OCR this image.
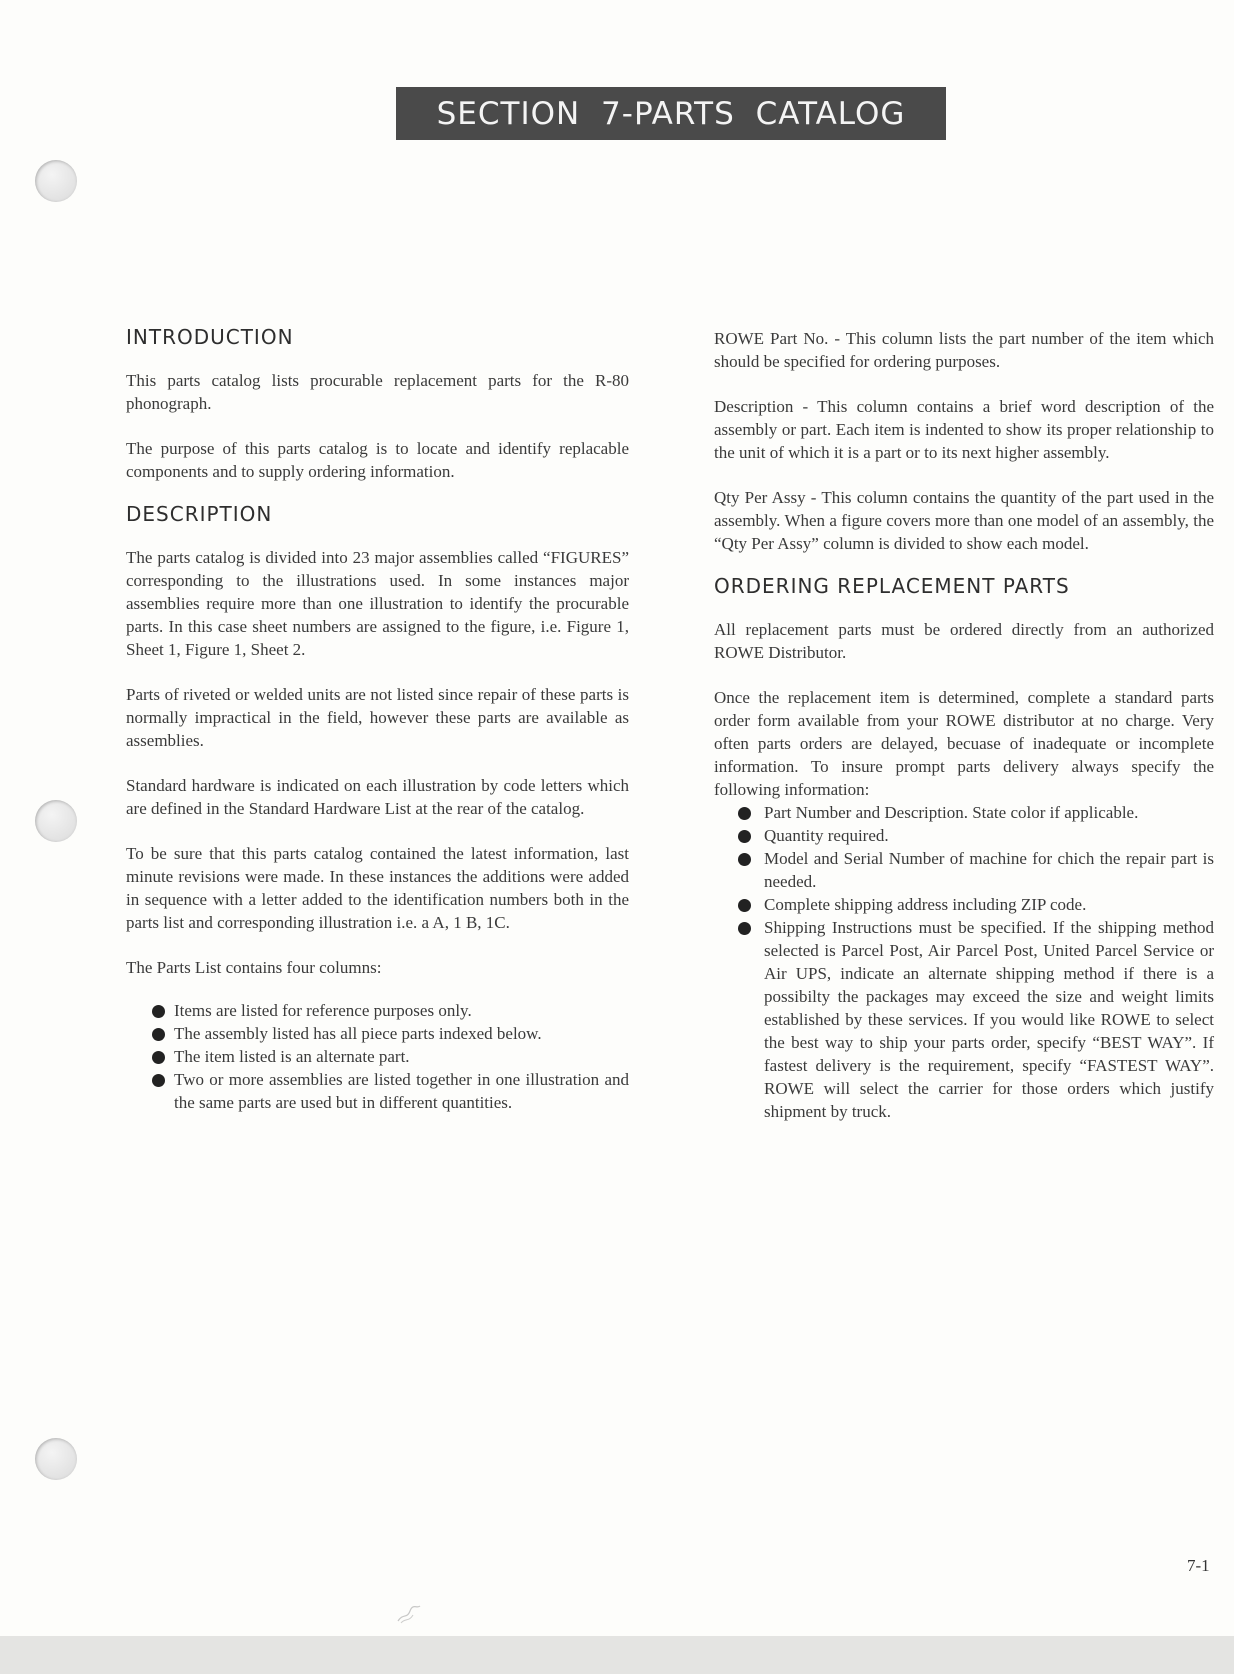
SECTION 7-PARTS CATALOG
INTRODUCTION

This parts catalog lists procurable replacement parts for the R-80 phonograph.

The purpose of this parts catalog is to locate and identify replacable components and to supply ordering information.

DESCRIPTION

The parts catalog is divided into 23 major assemblies called “FIGURES” corresponding to the illustrations used. In some instances major assemblies require more than one illustration to identify the procurable parts. In this case sheet numbers are assigned to the figure, i.e. Figure 1, Sheet 1, Figure 1, Sheet 2.

Parts of riveted or welded units are not listed since repair of these parts is normally impractical in the field, however these parts are available as assemblies.

Standard hardware is indicated on each illustration by code letters which are defined in the Standard Hardware List at the rear of the catalog.

To be sure that this parts catalog contained the latest information, last minute revisions were made. In these instances the additions were added in sequence with a letter added to the identification numbers both in the parts list and corresponding illustration i.e. a A, 1 B, 1C.

The Parts List contains four columns:

Items are listed for reference purposes only.
The assembly listed has all piece parts indexed below.
The item listed is an alternate part.
Two or more assemblies are listed together in one illustration and the same parts are used but in different quantities.

ROWE Part No. - This column lists the part number of the item which should be specified for ordering purposes.

Description - This column contains a brief word description of the assembly or part. Each item is indented to show its proper relationship to the unit of which it is a part or to its next higher assembly.

Qty Per Assy - This column contains the quantity of the part used in the assembly. When a figure covers more than one model of an assembly, the “Qty Per Assy” column is divided to show each model.

ORDERING REPLACEMENT PARTS

All replacement parts must be ordered directly from an authorized ROWE Distributor.

Once the replacement item is determined, complete a standard parts order form available from your ROWE distributor at no charge. Very often parts orders are delayed, becuase of inadequate or incomplete information. To insure prompt parts delivery always specify the following information:

Part Number and Description. State color if applicable.
Quantity required.
Model and Serial Number of machine for chich the repair part is needed.
Complete shipping address including ZIP code.
Shipping Instructions must be specified. If the shipping method selected is Parcel Post, Air Parcel Post, United Parcel Service or Air UPS, indicate an alternate shipping method if there is a possibilty the packages may exceed the size and weight limits established by these services. If you would like ROWE to select the best way to ship your parts order, specify “BEST WAY”. If fastest delivery is the requirement, specify “FASTEST WAY”. ROWE will select the carrier for those orders which justify shipment by truck.
7-1
